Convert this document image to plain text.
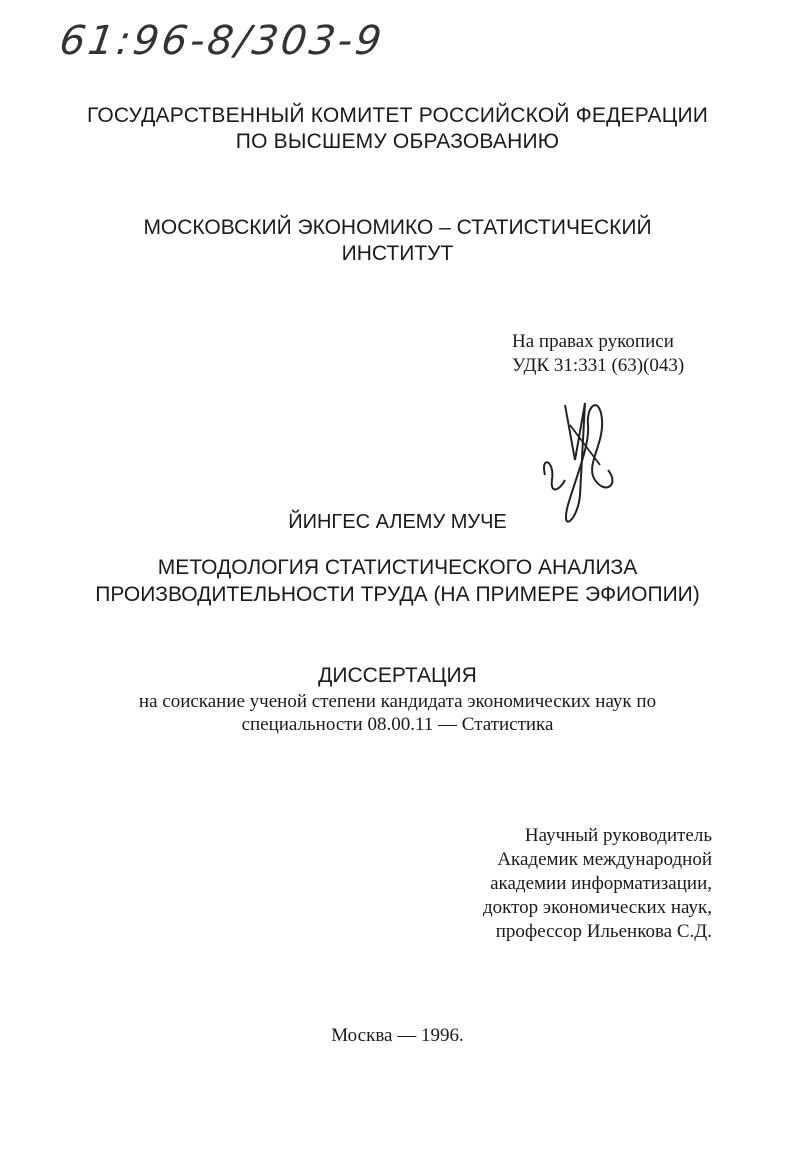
61:96-8/303-9
ГОСУДАРСТВЕННЫЙ КОМИТЕТ РОССИЙСКОЙ ФЕДЕРАЦИИ
ПО ВЫСШЕМУ ОБРАЗОВАНИЮ
МОСКОВСКИЙ ЭКОНОМИКО – СТАТИСТИЧЕСКИЙ
ИНСТИТУТ
На правах рукописи
УДК 31:331 (63)(043)
ЙИНГЕС АЛЕМУ МУЧЕ
МЕТОДОЛОГИЯ СТАТИСТИЧЕСКОГО АНАЛИЗА
ПРОИЗВОДИТЕЛЬНОСТИ ТРУДА (НА ПРИМЕРЕ ЭФИОПИИ)
ДИССЕРТАЦИЯ
на соискание ученой степени кандидата экономических наук по
специальности 08.00.11 — Статистика
Научный руководитель
Академик международной
академии информатизации,
доктор экономических наук,
профессор Ильенкова С.Д.
Москва — 1996.
